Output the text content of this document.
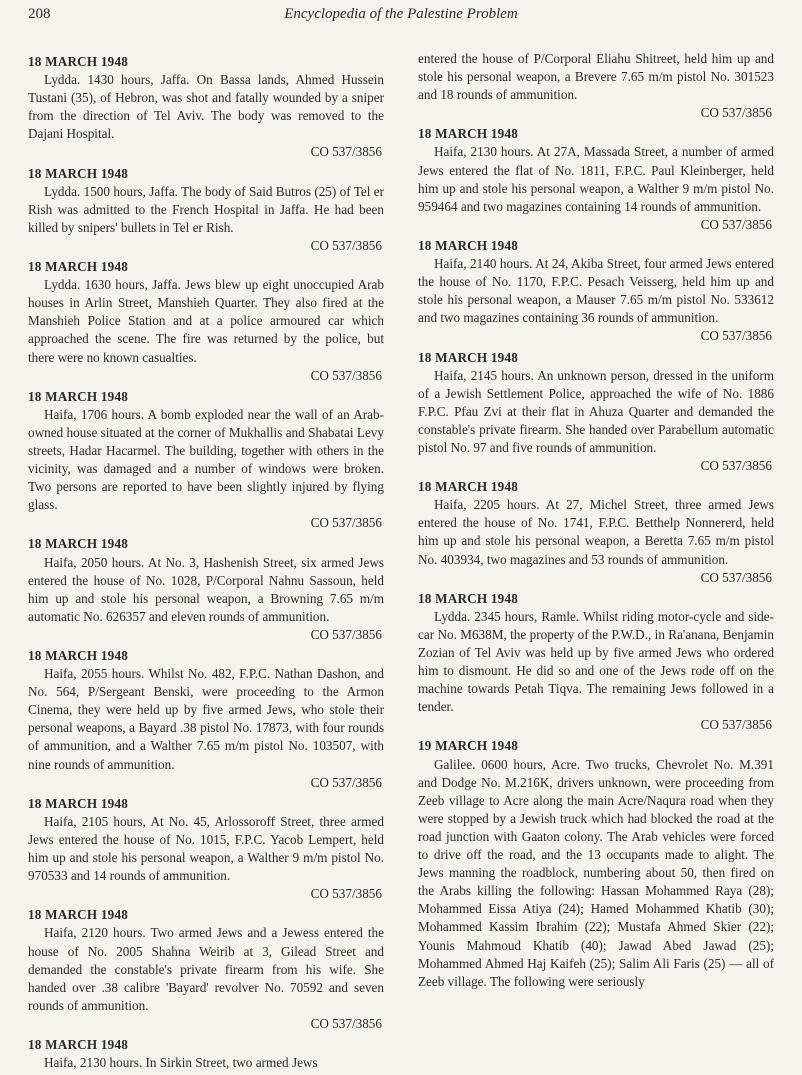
208	Encyclopedia of the Palestine Problem
18 MARCH 1948
Lydda. 1430 hours, Jaffa. On Bassa lands, Ahmed Hussein Tustani (35), of Hebron, was shot and fatally wounded by a sniper from the direction of Tel Aviv. The body was removed to the Dajani Hospital.
CO 537/3856
18 MARCH 1948
Lydda. 1500 hours, Jaffa. The body of Said Butros (25) of Tel er Rish was admitted to the French Hospital in Jaffa. He had been killed by snipers' bullets in Tel er Rish.
CO 537/3856
18 MARCH 1948
Lydda. 1630 hours, Jaffa. Jews blew up eight unoccupied Arab houses in Arlin Street, Manshieh Quarter. They also fired at the Manshieh Police Station and at a police armoured car which approached the scene. The fire was returned by the police, but there were no known casualties.
CO 537/3856
18 MARCH 1948
Haifa, 1706 hours. A bomb exploded near the wall of an Arab-owned house situated at the corner of Mukhallis and Shabatai Levy streets, Hadar Hacarmel. The building, together with others in the vicinity, was damaged and a number of windows were broken. Two persons are reported to have been slightly injured by flying glass.
CO 537/3856
18 MARCH 1948
Haifa, 2050 hours. At No. 3, Hashenish Street, six armed Jews entered the house of No. 1028, P/Corporal Nahnu Sassoun, held him up and stole his personal weapon, a Browning 7.65 m/m automatic No. 626357 and eleven rounds of ammunition.
CO 537/3856
18 MARCH 1948
Haifa, 2055 hours. Whilst No. 482, F.P.C. Nathan Dashon, and No. 564, P/Sergeant Benski, were proceeding to the Armon Cinema, they were held up by five armed Jews, who stole their personal weapons, a Bayard .38 pistol No. 17873, with four rounds of ammunition, and a Walther 7.65 m/m pistol No. 103507, with nine rounds of ammunition.
CO 537/3856
18 MARCH 1948
Haifa, 2105 hours, At No. 45, Arlossoroff Street, three armed Jews entered the house of No. 1015, F.P.C. Yacob Lempert, held him up and stole his personal weapon, a Walther 9 m/m pistol No. 970533 and 14 rounds of ammunition.
CO 537/3856
18 MARCH 1948
Haifa, 2120 hours. Two armed Jews and a Jewess entered the house of No. 2005 Shahna Weirib at 3, Gilead Street and demanded the constable's private firearm from his wife. She handed over .38 calibre 'Bayard' revolver No. 70592 and seven rounds of ammunition.
CO 537/3856
18 MARCH 1948
Haifa, 2130 hours. In Sirkin Street, two armed Jews
entered the house of P/Corporal Eliahu Shitreet, held him up and stole his personal weapon, a Brevere 7.65 m/m pistol No. 301523 and 18 rounds of ammunition.
CO 537/3856
18 MARCH 1948
Haifa, 2130 hours. At 27A, Massada Street, a number of armed Jews entered the flat of No. 1811, F.P.C. Paul Kleinberger, held him up and stole his personal weapon, a Walther 9 m/m pistol No. 959464 and two magazines containing 14 rounds of ammunition.
CO 537/3856
18 MARCH 1948
Haifa, 2140 hours. At 24, Akiba Street, four armed Jews entered the house of No. 1170, F.P.C. Pesach Veisserg, held him up and stole his personal weapon, a Mauser 7.65 m/m pistol No. 533612 and two magazines containing 36 rounds of ammunition.
CO 537/3856
18 MARCH 1948
Haifa, 2145 hours. An unknown person, dressed in the uniform of a Jewish Settlement Police, approached the wife of No. 1886 F.P.C. Pfau Zvi at their flat in Ahuza Quarter and demanded the constable's private firearm. She handed over Parabellum automatic pistol No. 97 and five rounds of ammunition.
CO 537/3856
18 MARCH 1948
Haifa, 2205 hours. At 27, Michel Street, three armed Jews entered the house of No. 1741, F.P.C. Betthelp Nonnererd, held him up and stole his personal weapon, a Beretta 7.65 m/m pistol No. 403934, two magazines and 53 rounds of ammunition.
CO 537/3856
18 MARCH 1948
Lydda. 2345 hours, Ramle. Whilst riding motor-cycle and side-car No. M638M, the property of the P.W.D., in Ra'anana, Benjamin Zozian of Tel Aviv was held up by five armed Jews who ordered him to dismount. He did so and one of the Jews rode off on the machine towards Petah Tiqva. The remaining Jews followed in a tender.
CO 537/3856
19 MARCH 1948
Galilee. 0600 hours, Acre. Two trucks, Chevrolet No. M.391 and Dodge No. M.216K, drivers unknown, were proceeding from Zeeb village to Acre along the main Acre/Naqura road when they were stopped by a Jewish truck which had blocked the road at the road junction with Gaaton colony. The Arab vehicles were forced to drive off the road, and the 13 occupants made to alight. The Jews manning the roadblock, numbering about 50, then fired on the Arabs killing the following: Hassan Mohammed Raya (28); Mohammed Eissa Atiya (24); Hamed Mohammed Khatib (30); Mohammed Kassim Ibrahim (22); Mustafa Ahmed Skier (22); Younis Mahmoud Khatib (40); Jawad Abed Jawad (25); Mohammed Ahmed Haj Kaifeh (25); Salim Ali Faris (25) — all of Zeeb village. The following were seriously
